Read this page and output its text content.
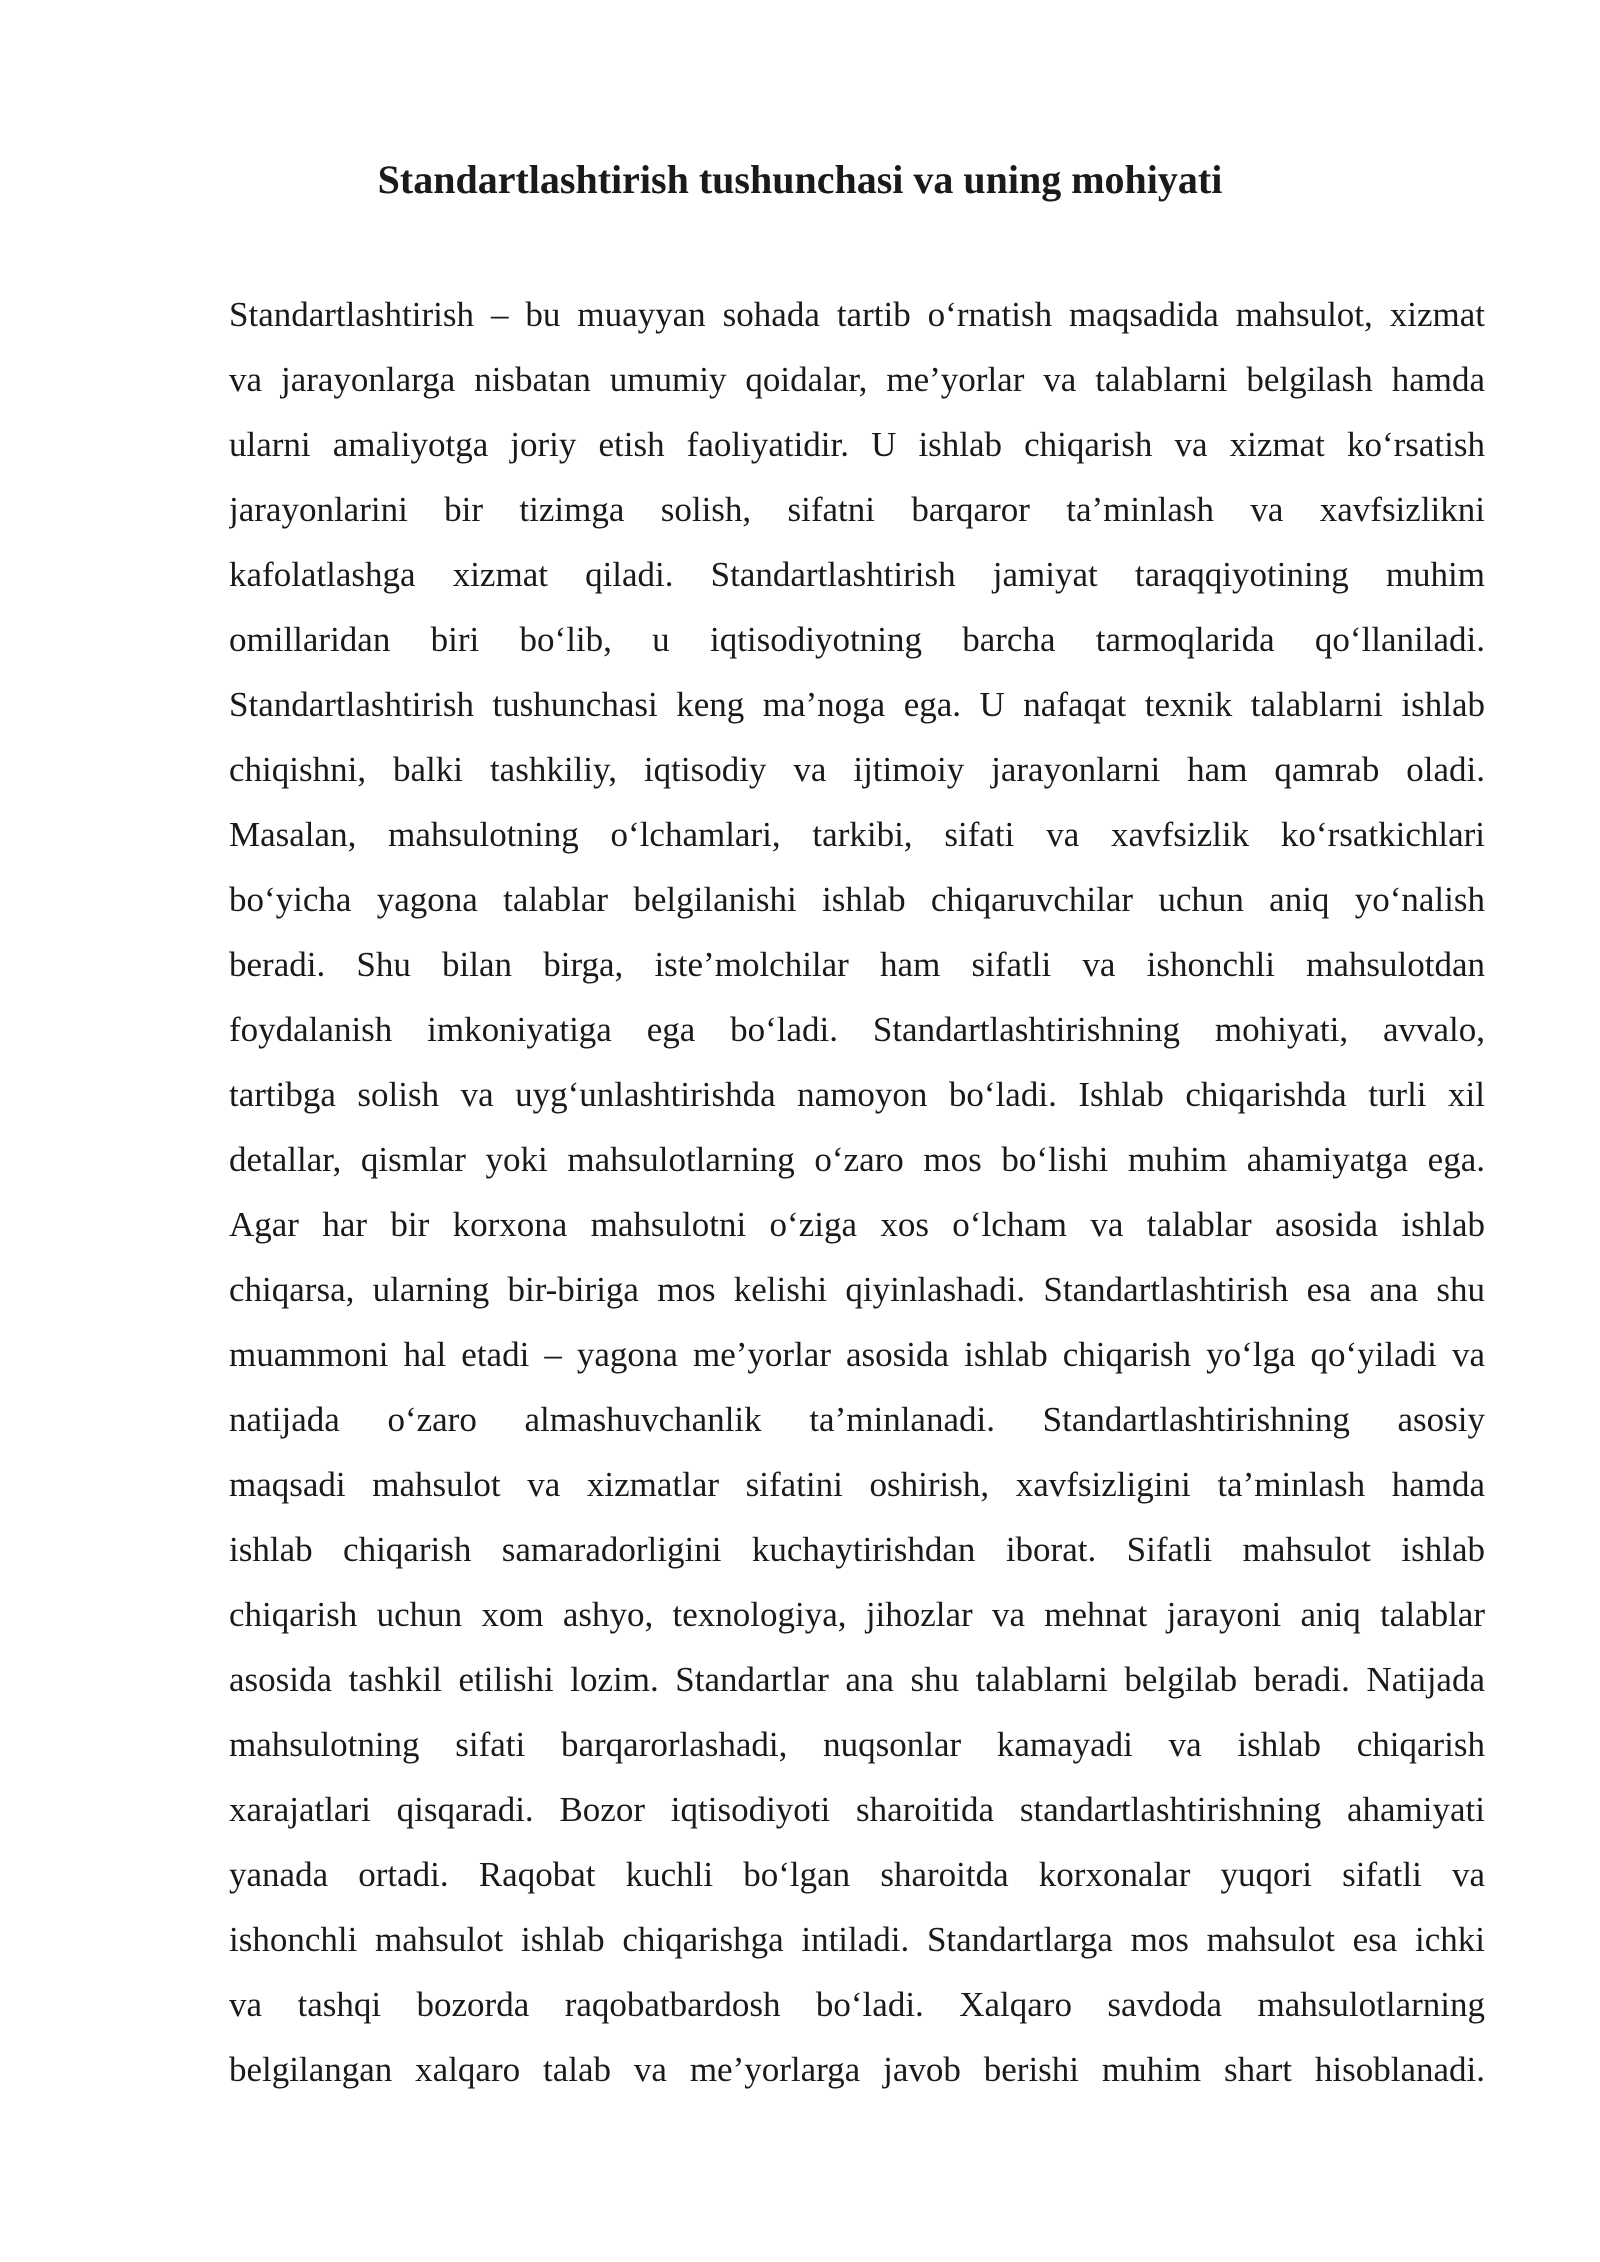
Standartlashtirish tushunchasi va uning mohiyati
Standartlashtirish – bu muayyan sohada tartib o‘rnatish maqsadida mahsulot, xizmat
va jarayonlarga nisbatan umumiy qoidalar, me’yorlar va talablarni belgilash hamda
ularni amaliyotga joriy etish faoliyatidir. U ishlab chiqarish va xizmat ko‘rsatish
jarayonlarini bir tizimga solish, sifatni barqaror ta’minlash va xavfsizlikni
kafolatlashga xizmat qiladi. Standartlashtirish jamiyat taraqqiyotining muhim
omillaridan biri bo‘lib, u iqtisodiyotning barcha tarmoqlarida qo‘llaniladi.
Standartlashtirish tushunchasi keng ma’noga ega. U nafaqat texnik talablarni ishlab
chiqishni, balki tashkiliy, iqtisodiy va ijtimoiy jarayonlarni ham qamrab oladi.
Masalan, mahsulotning o‘lchamlari, tarkibi, sifati va xavfsizlik ko‘rsatkichlari
bo‘yicha yagona talablar belgilanishi ishlab chiqaruvchilar uchun aniq yo‘nalish
beradi. Shu bilan birga, iste’molchilar ham sifatli va ishonchli mahsulotdan
foydalanish imkoniyatiga ega bo‘ladi. Standartlashtirishning mohiyati, avvalo,
tartibga solish va uyg‘unlashtirishda namoyon bo‘ladi. Ishlab chiqarishda turli xil
detallar, qismlar yoki mahsulotlarning o‘zaro mos bo‘lishi muhim ahamiyatga ega.
Agar har bir korxona mahsulotni o‘ziga xos o‘lcham va talablar asosida ishlab
chiqarsa, ularning bir-biriga mos kelishi qiyinlashadi. Standartlashtirish esa ana shu
muammoni hal etadi – yagona me’yorlar asosida ishlab chiqarish yo‘lga qo‘yiladi va
natijada o‘zaro almashuvchanlik ta’minlanadi. Standartlashtirishning asosiy
maqsadi mahsulot va xizmatlar sifatini oshirish, xavfsizligini ta’minlash hamda
ishlab chiqarish samaradorligini kuchaytirishdan iborat. Sifatli mahsulot ishlab
chiqarish uchun xom ashyo, texnologiya, jihozlar va mehnat jarayoni aniq talablar
asosida tashkil etilishi lozim. Standartlar ana shu talablarni belgilab beradi. Natijada
mahsulotning sifati barqarorlashadi, nuqsonlar kamayadi va ishlab chiqarish
xarajatlari qisqaradi. Bozor iqtisodiyoti sharoitida standartlashtirishning ahamiyati
yanada ortadi. Raqobat kuchli bo‘lgan sharoitda korxonalar yuqori sifatli va
ishonchli mahsulot ishlab chiqarishga intiladi. Standartlarga mos mahsulot esa ichki
va tashqi bozorda raqobatbardosh bo‘ladi. Xalqaro savdoda mahsulotlarning
belgilangan xalqaro talab va me’yorlarga javob berishi muhim shart hisoblanadi.
